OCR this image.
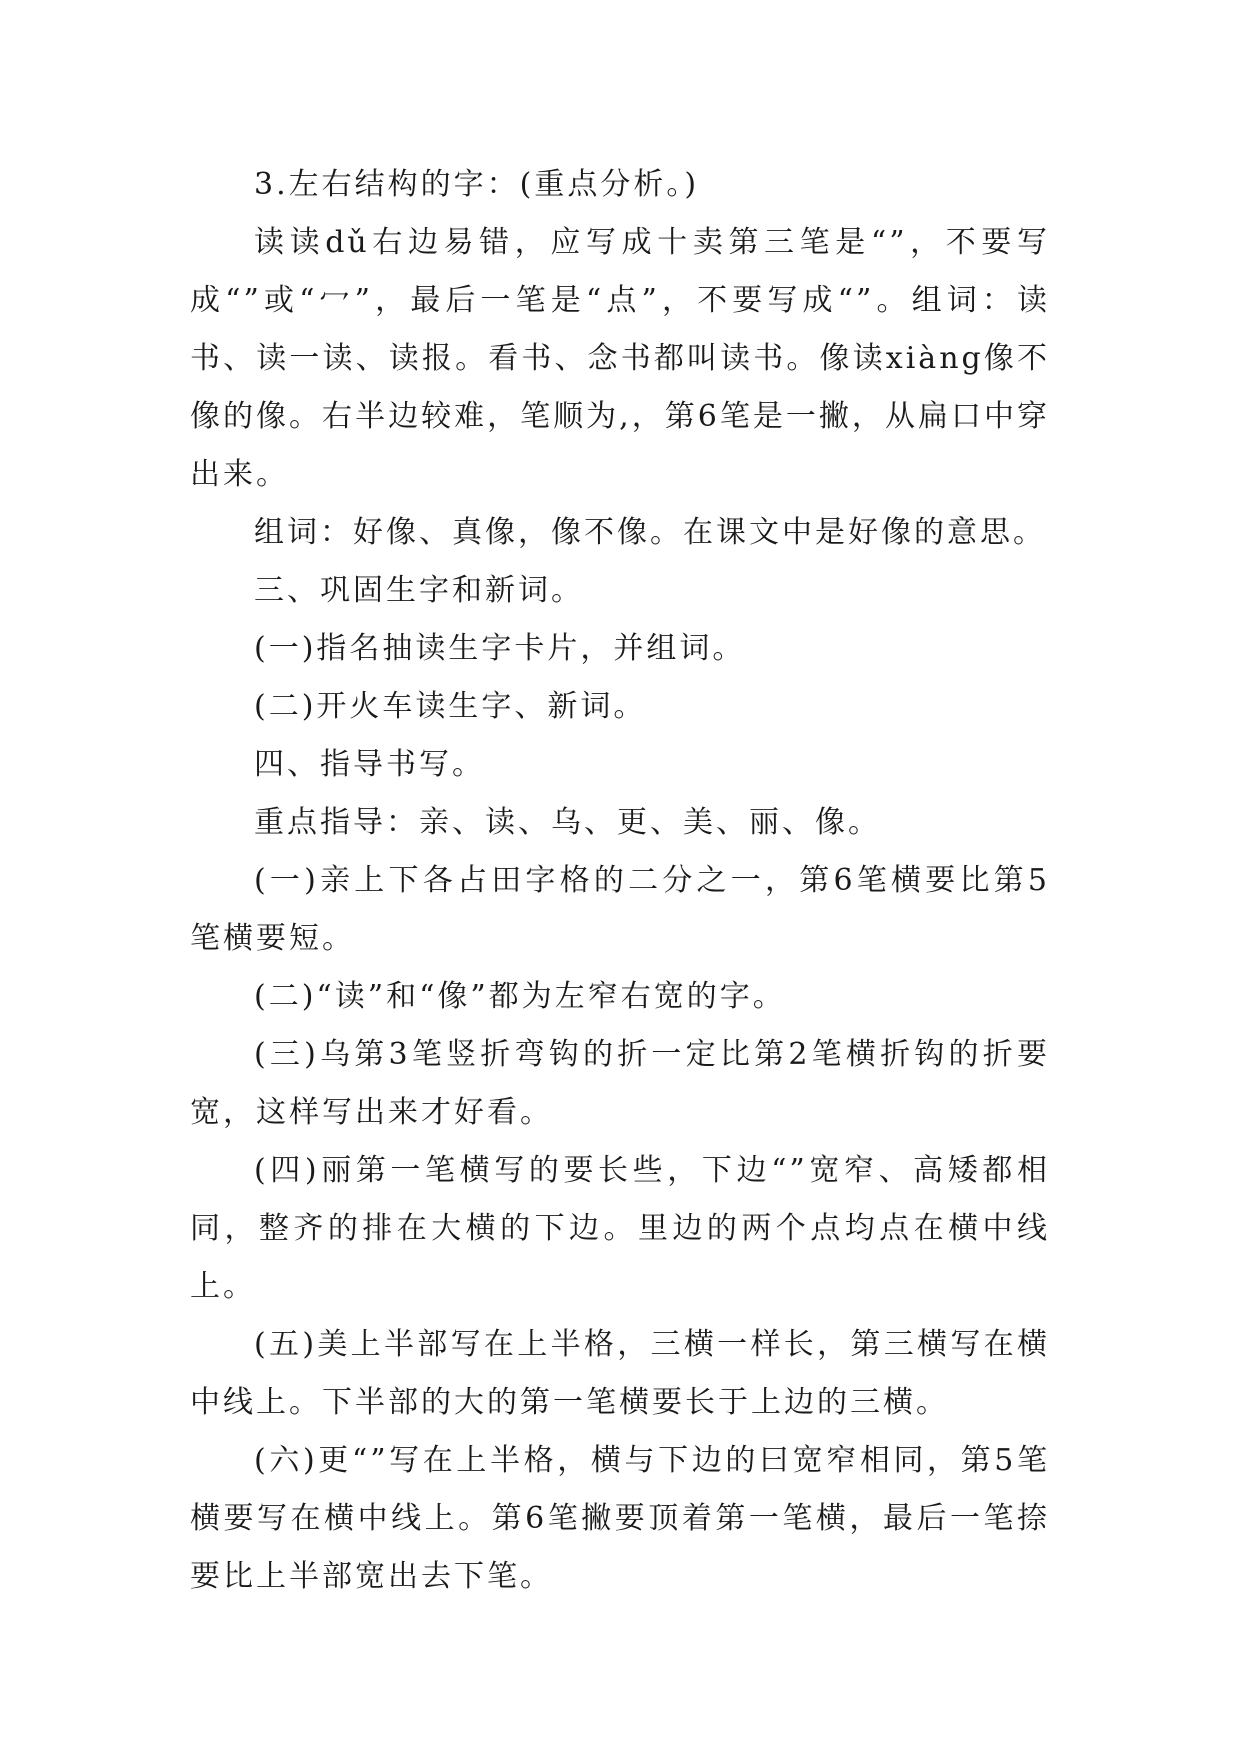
3.左右结构的字：(重点分析。)

读读dǔ右边易错，应写成十卖第三笔是“”，不要写成“”或“冖”，最后一笔是“点”，不要写成“”。组词：读书、读一读、读报。看书、念书都叫读书。像读xiàng像不像的像。右半边较难，笔顺为,，第6笔是一撇，从扁口中穿出来。

组词：好像、真像，像不像。在课文中是好像的意思。

三、巩固生字和新词。

(一)指名抽读生字卡片，并组词。

(二)开火车读生字、新词。

四、指导书写。

重点指导：亲、读、乌、更、美、丽、像。

(一)亲上下各占田字格的二分之一，第6笔横要比第5笔横要短。

(二)“读”和“像”都为左窄右宽的字。

(三)乌第3笔竖折弯钩的折一定比第2笔横折钩的折要宽，这样写出来才好看。

(四)丽第一笔横写的要长些，下边“”宽窄、高矮都相同，整齐的排在大横的下边。里边的两个点均点在横中线上。

(五)美上半部写在上半格，三横一样长，第三横写在横中线上。下半部的大的第一笔横要长于上边的三横。

(六)更“”写在上半格，横与下边的曰宽窄相同，第5笔横要写在横中线上。第6笔撇要顶着第一笔横，最后一笔捺要比上半部宽出去下笔。
